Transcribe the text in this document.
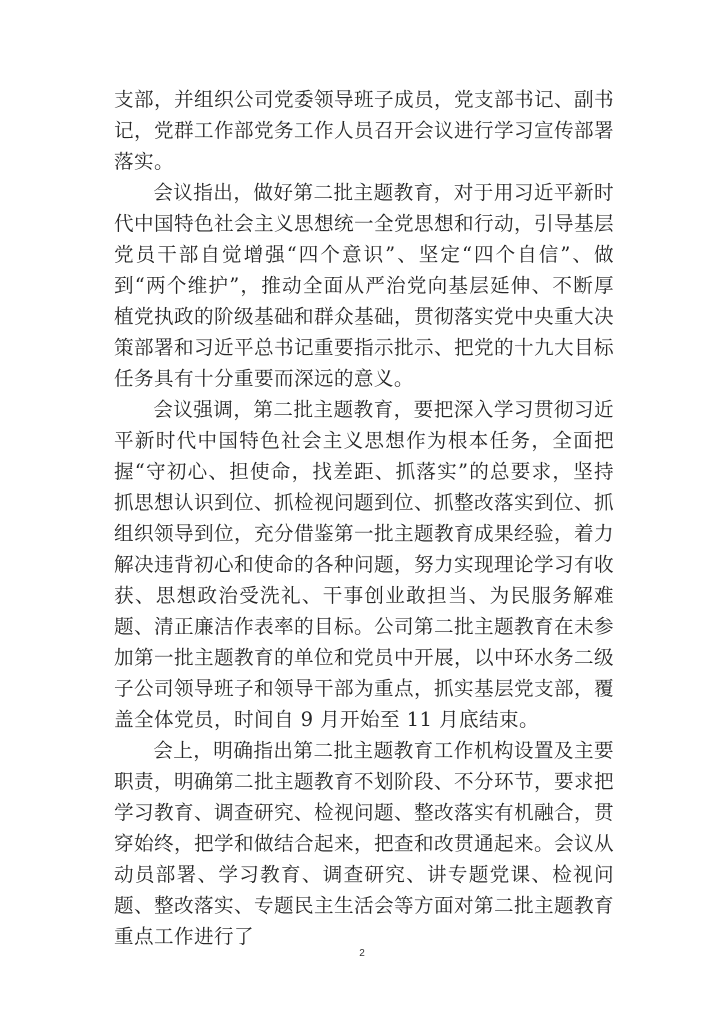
支部，并组织公司党委领导班子成员，党支部书记、副书记，党群工作部党务工作人员召开会议进行学习宣传部署落实。

会议指出，做好第二批主题教育，对于用习近平新时代中国特色社会主义思想统一全党思想和行动，引导基层党员干部自觉增强“四个意识”、坚定“四个自信”、做到“两个维护”，推动全面从严治党向基层延伸、不断厚植党执政的阶级基础和群众基础，贯彻落实党中央重大决策部署和习近平总书记重要指示批示、把党的十九大目标任务具有十分重要而深远的意义。

会议强调，第二批主题教育，要把深入学习贯彻习近平新时代中国特色社会主义思想作为根本任务，全面把握“守初心、担使命，找差距、抓落实”的总要求，坚持抓思想认识到位、抓检视问题到位、抓整改落实到位、抓组织领导到位，充分借鉴第一批主题教育成果经验，着力解决违背初心和使命的各种问题，努力实现理论学习有收获、思想政治受洗礼、干事创业敢担当、为民服务解难题、清正廉洁作表率的目标。公司第二批主题教育在未参加第一批主题教育的单位和党员中开展，以中环水务二级子公司领导班子和领导干部为重点，抓实基层党支部，覆盖全体党员，时间自 9 月开始至 11 月底结束。

会上，明确指出第二批主题教育工作机构设置及主要职责，明确第二批主题教育不划阶段、不分环节，要求把学习教育、调查研究、检视问题、整改落实有机融合，贯穿始终，把学和做结合起来，把查和改贯通起来。会议从动员部署、学习教育、调查研究、讲专题党课、检视问题、整改落实、专题民主生活会等方面对第二批主题教育重点工作进行了

2
